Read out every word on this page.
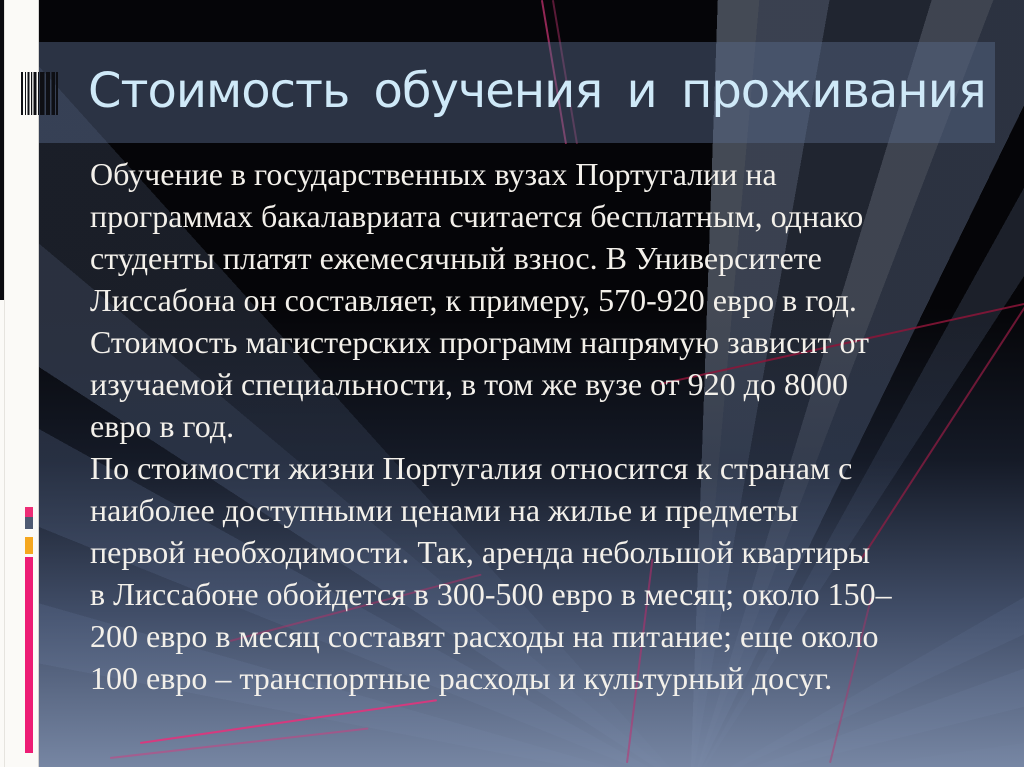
Стоимость обучения и проживания

Обучение в государственных вузах Португалии на
программах бакалавриата считается бесплатным, однако
студенты платят ежемесячный взнос. В Университете
Лиссабона он составляет, к примеру, 570-920 евро в год.
Стоимость магистерских программ напрямую зависит от
изучаемой специальности, в том же вузе от 920 до 8000
евро в год.

По стоимости жизни Португалия относится к странам с
наиболее доступными ценами на жилье и предметы
первой необходимости. Так, аренда небольшой квартиры
в Лиссабоне обойдется в 300-500 евро в месяц; около 150–
200 евро в месяц составят расходы на питание; еще около
100 евро – транспортные расходы и культурный досуг.
